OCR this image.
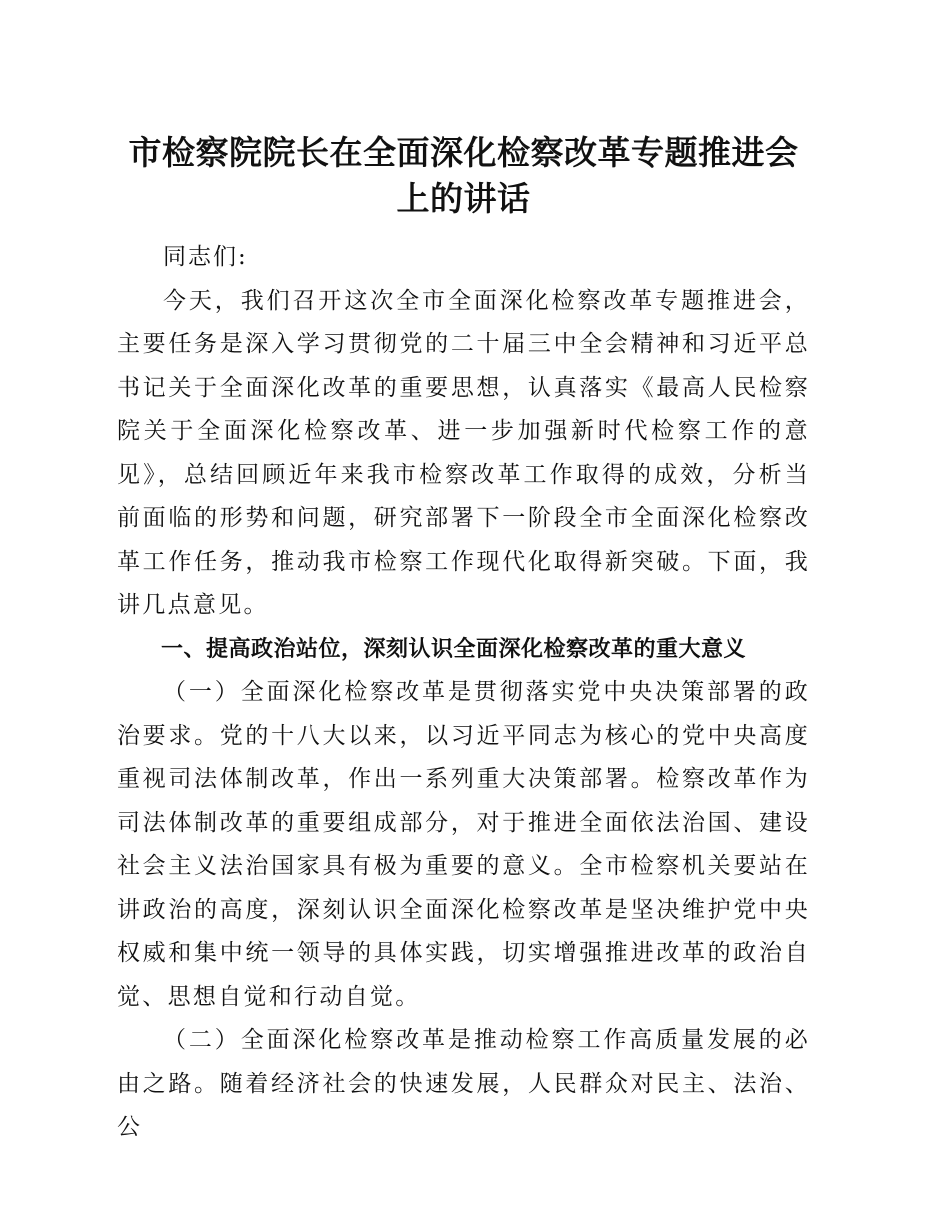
市检察院院长在全面深化检察改革专题推进会上的讲话

同志们:

今天，我们召开这次全市全面深化检察改革专题推进会，主要任务是深入学习贯彻党的二十届三中全会精神和习近平总书记关于全面深化改革的重要思想，认真落实《最高人民检察院关于全面深化检察改革、进一步加强新时代检察工作的意见》，总结回顾近年来我市检察改革工作取得的成效，分析当前面临的形势和问题，研究部署下一阶段全市全面深化检察改革工作任务，推动我市检察工作现代化取得新突破。下面，我讲几点意见。

一、提高政治站位，深刻认识全面深化检察改革的重大意义

（一）全面深化检察改革是贯彻落实党中央决策部署的政治要求。党的十八大以来，以习近平同志为核心的党中央高度重视司法体制改革，作出一系列重大决策部署。检察改革作为司法体制改革的重要组成部分，对于推进全面依法治国、建设社会主义法治国家具有极为重要的意义。全市检察机关要站在讲政治的高度，深刻认识全面深化检察改革是坚决维护党中央权威和集中统一领导的具体实践，切实增强推进改革的政治自觉、思想自觉和行动自觉。

（二）全面深化检察改革是推动检察工作高质量发展的必由之路。随着经济社会的快速发展，人民群众对民主、法治、公
